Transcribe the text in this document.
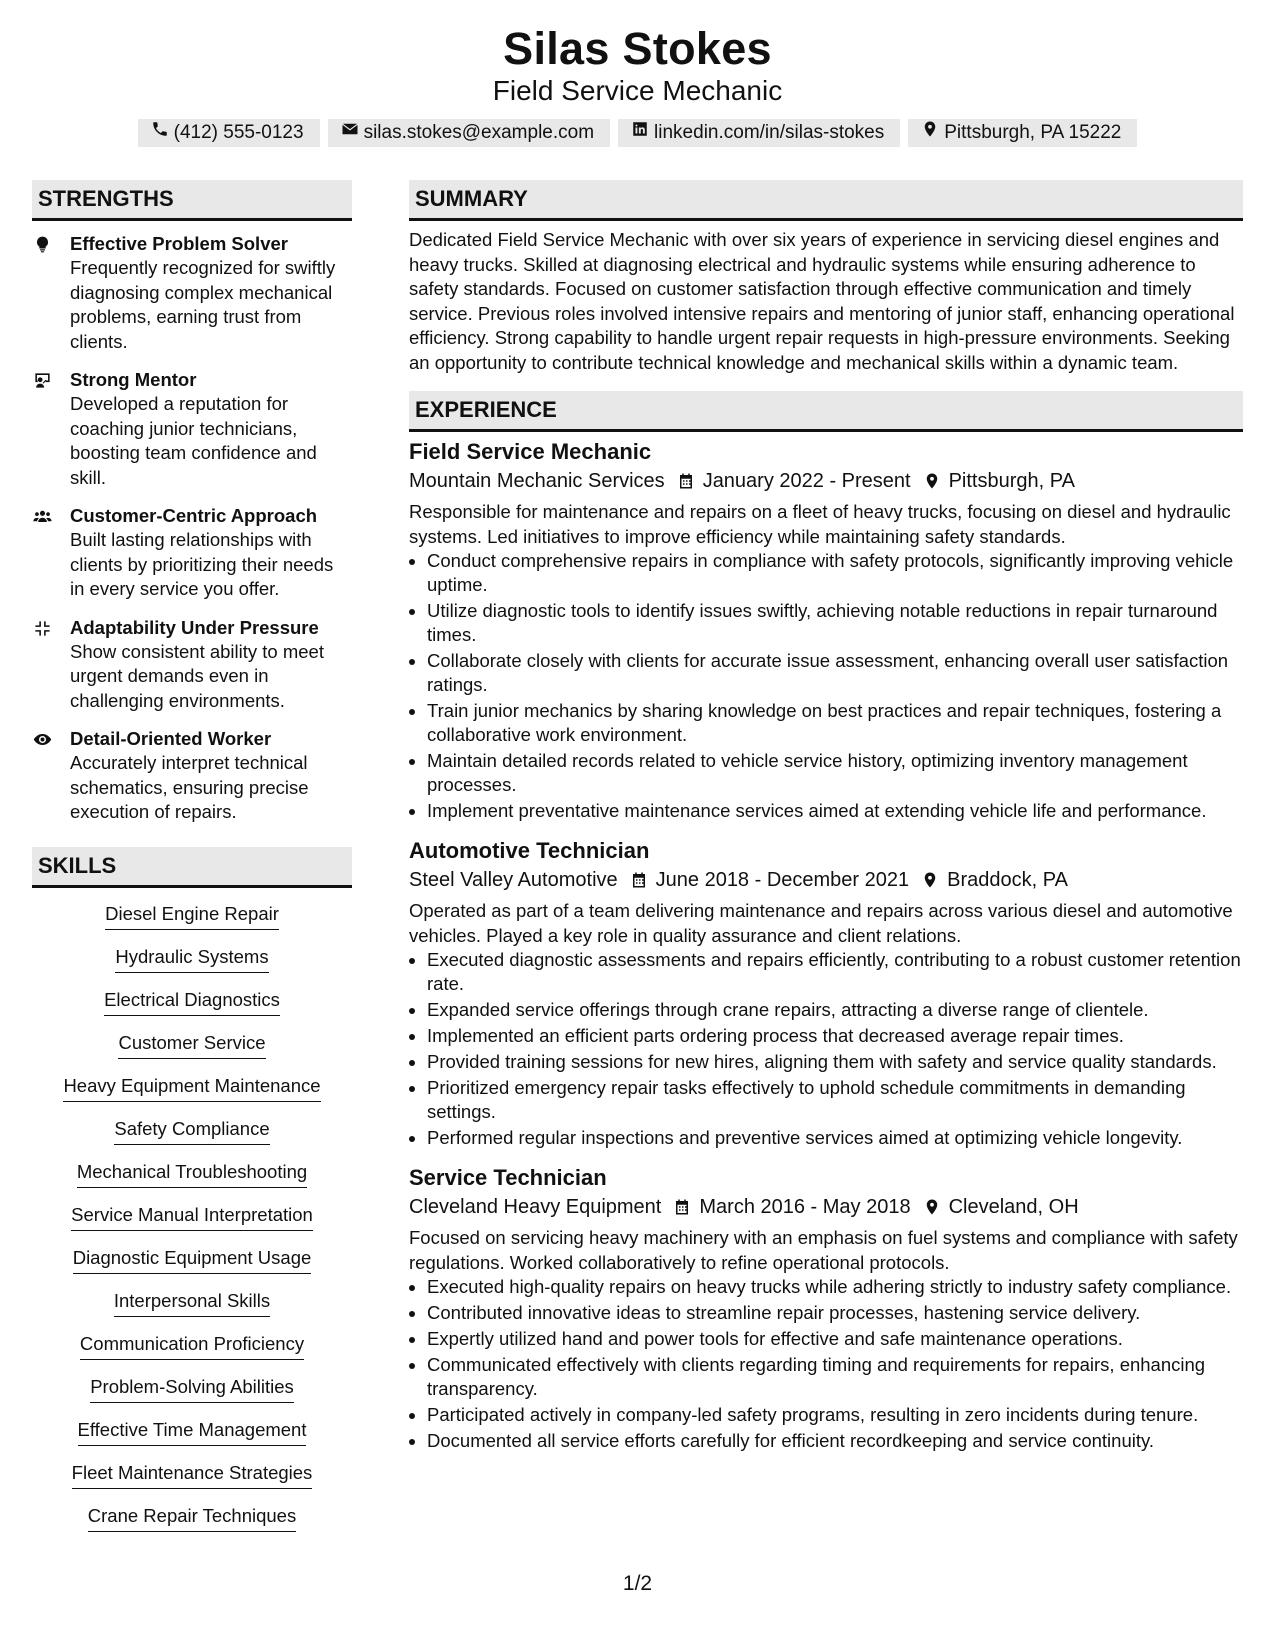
Silas Stokes
Field Service Mechanic
(412) 555-0123	silas.stokes@example.com	linkedin.com/in/silas-stokes	Pittsburgh, PA 15222
STRENGTHS
Effective Problem Solver
Frequently recognized for swiftly diagnosing complex mechanical problems, earning trust from clients.
Strong Mentor
Developed a reputation for coaching junior technicians, boosting team confidence and skill.
Customer-Centric Approach
Built lasting relationships with clients by prioritizing their needs in every service you offer.
Adaptability Under Pressure
Show consistent ability to meet urgent demands even in challenging environments.
Detail-Oriented Worker
Accurately interpret technical schematics, ensuring precise execution of repairs.
SKILLS
Diesel Engine Repair
Hydraulic Systems
Electrical Diagnostics
Customer Service
Heavy Equipment Maintenance
Safety Compliance
Mechanical Troubleshooting
Service Manual Interpretation
Diagnostic Equipment Usage
Interpersonal Skills
Communication Proficiency
Problem-Solving Abilities
Effective Time Management
Fleet Maintenance Strategies
Crane Repair Techniques
SUMMARY
Dedicated Field Service Mechanic with over six years of experience in servicing diesel engines and heavy trucks. Skilled at diagnosing electrical and hydraulic systems while ensuring adherence to safety standards. Focused on customer satisfaction through effective communication and timely service. Previous roles involved intensive repairs and mentoring of junior staff, enhancing operational efficiency. Strong capability to handle urgent repair requests in high-pressure environments. Seeking an opportunity to contribute technical knowledge and mechanical skills within a dynamic team.
EXPERIENCE
Field Service Mechanic
Mountain Mechanic Services January 2022 - Present Pittsburgh, PA
Responsible for maintenance and repairs on a fleet of heavy trucks, focusing on diesel and hydraulic systems. Led initiatives to improve efficiency while maintaining safety standards.
• Conduct comprehensive repairs in compliance with safety protocols, significantly improving vehicle uptime.
• Utilize diagnostic tools to identify issues swiftly, achieving notable reductions in repair turnaround times.
• Collaborate closely with clients for accurate issue assessment, enhancing overall user satisfaction ratings.
• Train junior mechanics by sharing knowledge on best practices and repair techniques, fostering a collaborative work environment.
• Maintain detailed records related to vehicle service history, optimizing inventory management processes.
• Implement preventative maintenance services aimed at extending vehicle life and performance.
Automotive Technician
Steel Valley Automotive June 2018 - December 2021 Braddock, PA
Operated as part of a team delivering maintenance and repairs across various diesel and automotive vehicles. Played a key role in quality assurance and client relations.
• Executed diagnostic assessments and repairs efficiently, contributing to a robust customer retention rate.
• Expanded service offerings through crane repairs, attracting a diverse range of clientele.
• Implemented an efficient parts ordering process that decreased average repair times.
• Provided training sessions for new hires, aligning them with safety and service quality standards.
• Prioritized emergency repair tasks effectively to uphold schedule commitments in demanding settings.
• Performed regular inspections and preventive services aimed at optimizing vehicle longevity.
Service Technician
Cleveland Heavy Equipment March 2016 - May 2018 Cleveland, OH
Focused on servicing heavy machinery with an emphasis on fuel systems and compliance with safety regulations. Worked collaboratively to refine operational protocols.
• Executed high-quality repairs on heavy trucks while adhering strictly to industry safety compliance.
• Contributed innovative ideas to streamline repair processes, hastening service delivery.
• Expertly utilized hand and power tools for effective and safe maintenance operations.
• Communicated effectively with clients regarding timing and requirements for repairs, enhancing transparency.
• Participated actively in company-led safety programs, resulting in zero incidents during tenure.
• Documented all service efforts carefully for efficient recordkeeping and service continuity.
1/2
